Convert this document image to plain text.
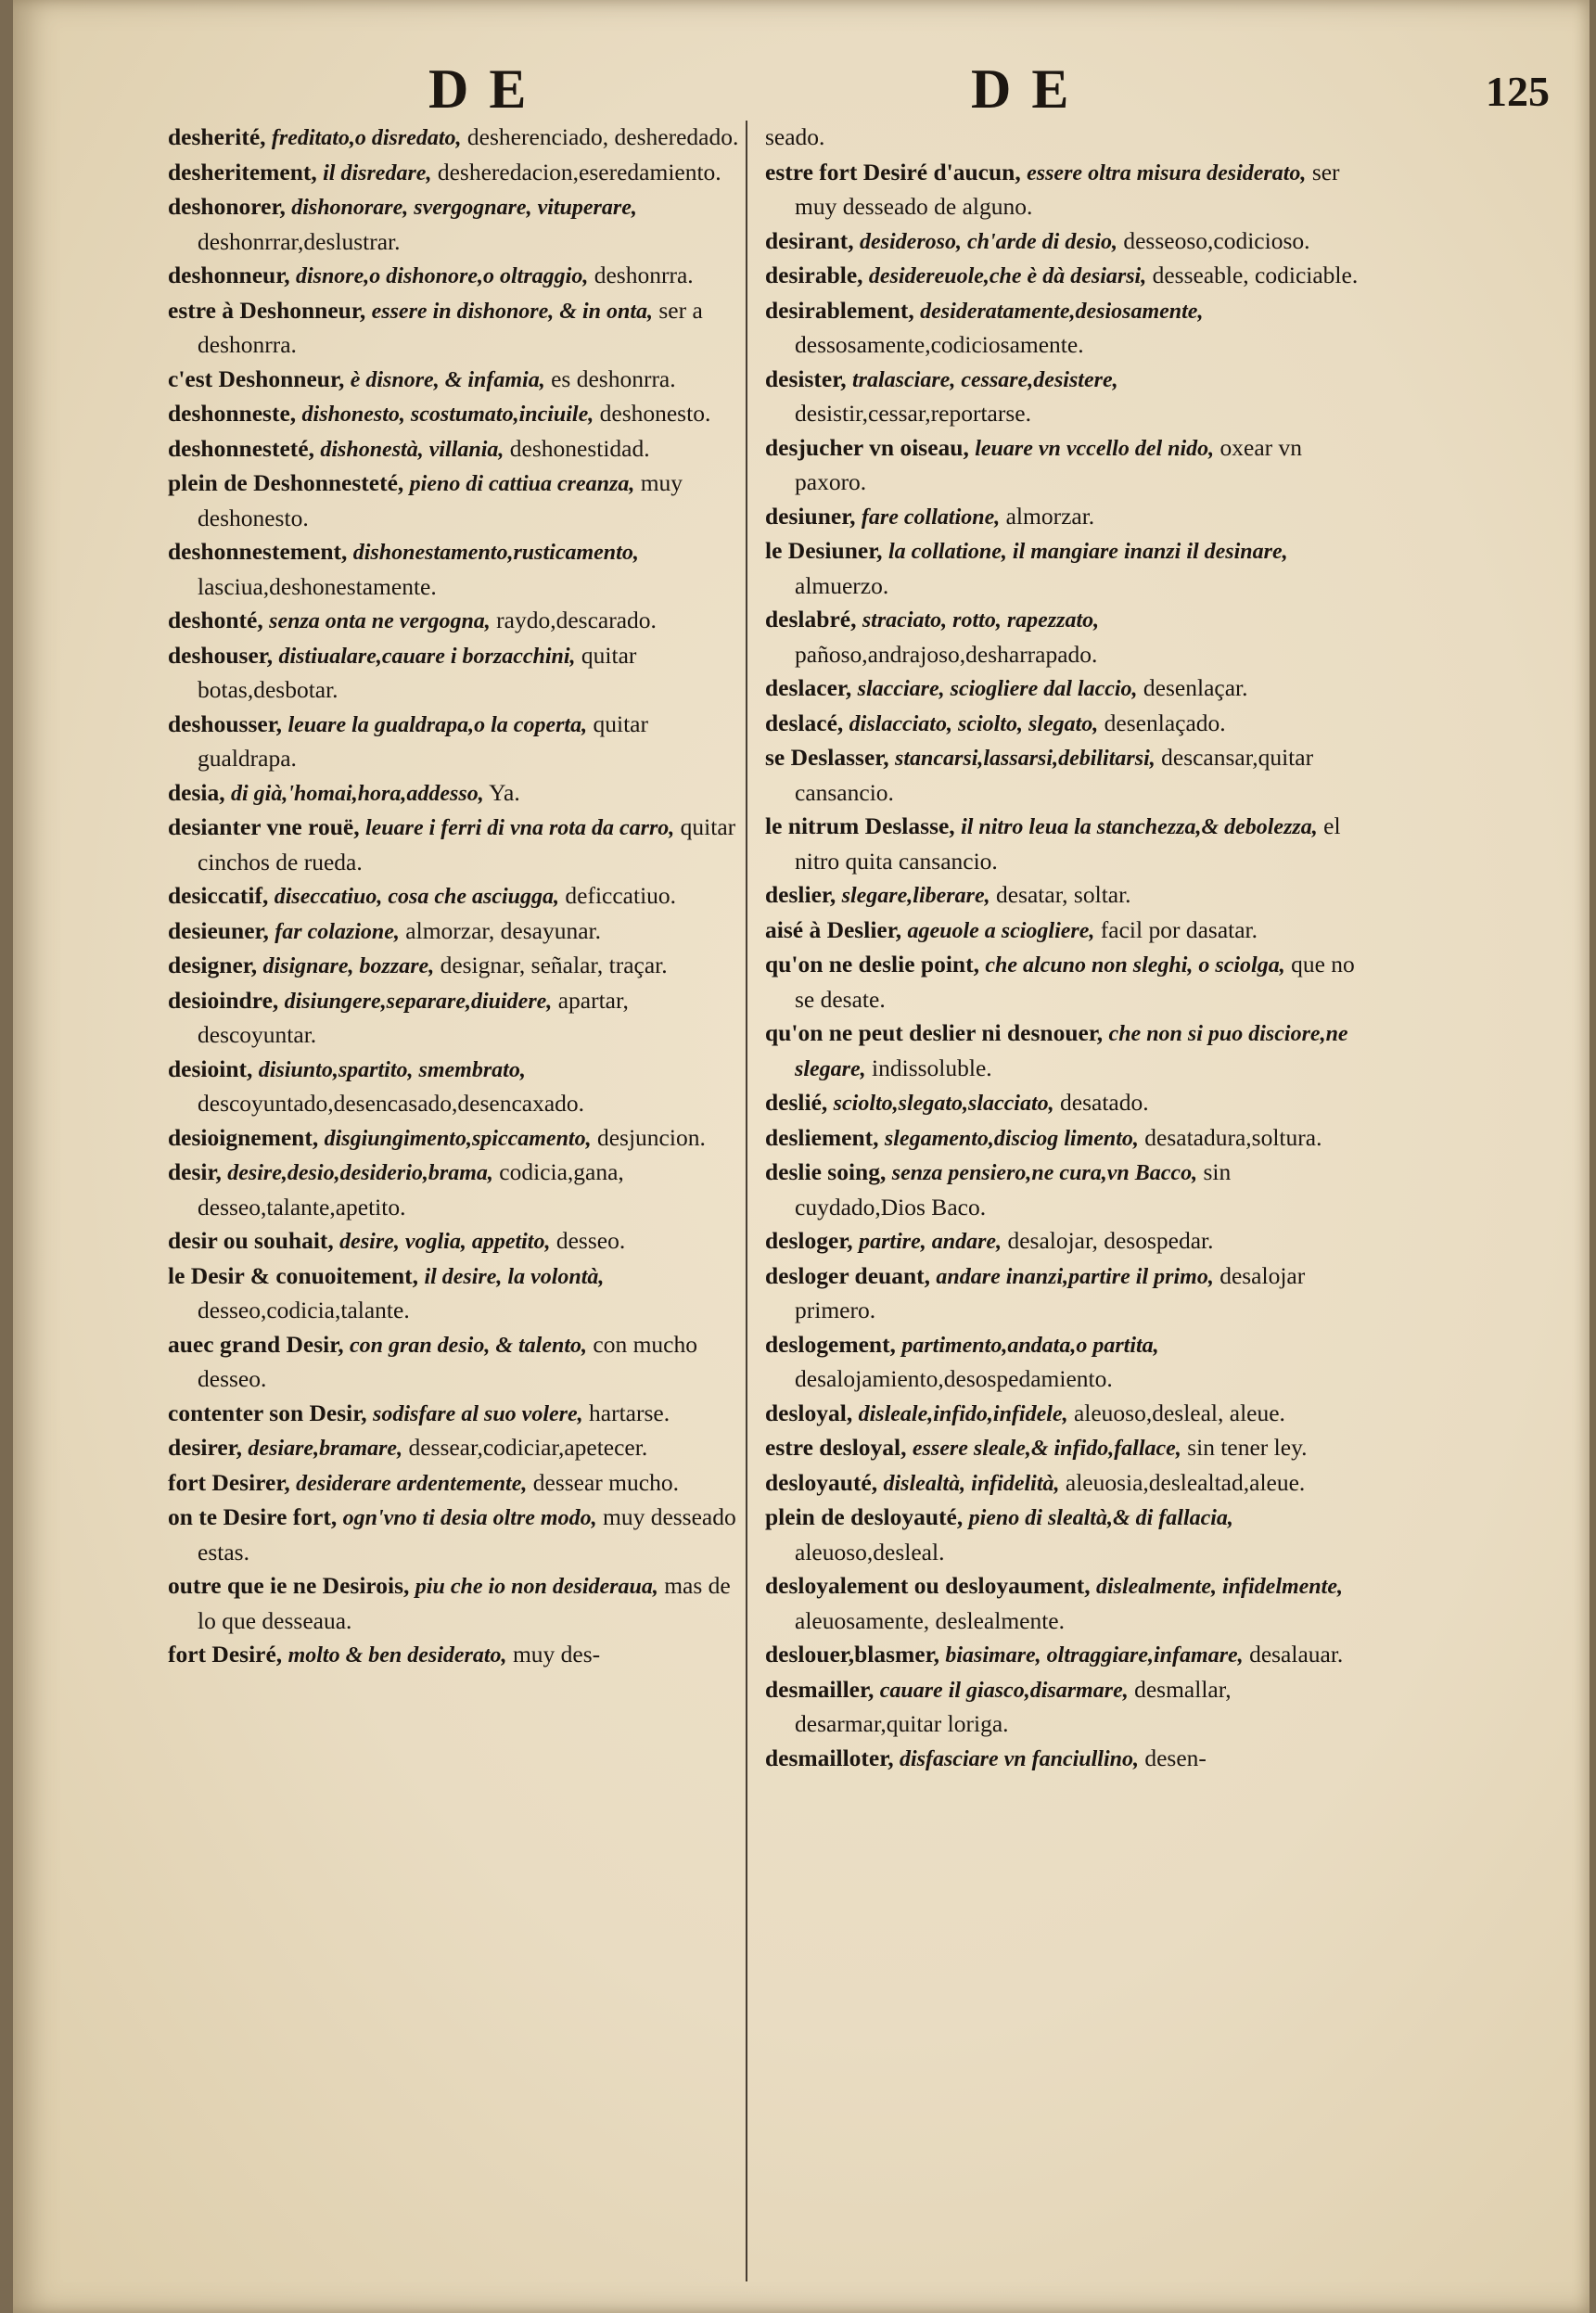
DE	DE	125

desherité, freditato,o disredato, desherenciado, desheredado.

desheritement, il disredare, desheredacion,eseredamiento.

deshonorer, dishonorare, svergognare, vituperare, deshonrrar,deslustrar.

deshonneur, disnore,o dishonore,o oltraggio, deshonrra.

estre à Deshonneur, essere in dishonore, & in onta, ser a deshonrra.

c'est Deshonneur, è disnore, & infamia, es deshonrra.

deshonneste, dishonesto, scostumato,inciuile, deshonesto.

deshonnesteté, dishonestà, villania, deshonestidad.

plein de Deshonnesteté, pieno di cattiua creanza, muy deshonesto.

deshonnestement, dishonestamento,rusticamento, lasciua,deshonestamente.

deshonté, senza onta ne vergogna, raydo,descarado.

deshouser, distiualare,cauare i borzacchini, quitar botas,desbotar.

deshousser, leuare la gualdrapa,o la coperta, quitar gualdrapa.

desia, di già,'homai,hora,addesso, Ya.

desianter vne rouë, leuare i ferri di vna rota da carro, quitar cinchos de rueda.

desiccatif, diseccatiuo, cosa che asciugga, deficcatiuo.

desieuner, far colazione, almorzar, desayunar.

designer, disignare, bozzare, designar, señalar, traçar.

desioindre, disiungere,separare,diuidere, apartar, descoyuntar.

desioint, disiunto,spartito, smembrato, descoyuntado,desencasado,desencaxado.

desioignement, disgiungimento,spiccamento, desjuncion.

desir, desire,desio,desiderio,brama, codicia,gana, desseo,talante,apetito.

desir ou souhait, desire, voglia, appetito, desseo.

le Desir & conuoitement, il desire, la volontà, desseo,codicia,talante.

auec grand Desir, con gran desio, & talento, con mucho desseo.

contenter son Desir, sodisfare al suo volere, hartarse.

desirer, desiare,bramare, dessear,codiciar,apetecer.

fort Desirer, desiderare ardentemente, dessear mucho.

on te Desire fort, ogn'vno ti desia oltre modo, muy desseado estas.

outre que ie ne Desirois, piu che io non desideraua, mas de lo que desseaua.

fort Desiré, molto & ben desiderato, muy des-

seado.

estre fort Desiré d'aucun, essere oltra misura desiderato, ser muy desseado de alguno.

desirant, desideroso, ch'arde di desio, desseoso,codicioso.

desirable, desidereuole,che è dà desiarsi, desseable, codiciable.

desirablement, desideratamente,desiosamente, dessosamente,codiciosamente.

desister, tralasciare, cessare,desistere, desistir,cessar,reportarse.

desjucher vn oiseau, leuare vn vccello del nido, oxear vn paxoro.

desiuner, fare collatione, almorzar.

le Desiuner, la collatione, il mangiare inanzi il desinare, almuerzo.

deslabré, straciato, rotto, rapezzato, pañoso,andrajoso,desharrapado.

deslacer, slacciare, sciogliere dal laccio, desenlaçar.

deslacé, dislacciato, sciolto, slegato, desenlaçado.

se Deslasser, stancarsi,lassarsi,debilitarsi, descansar,quitar cansancio.

le nitrum Deslasse, il nitro leua la stanchezza,& debolezza, el nitro quita cansancio.

deslier, slegare,liberare, desatar, soltar.

aisé à Deslier, ageuole a sciogliere, facil por dasatar.

qu'on ne deslie point, che alcuno non sleghi, o sciolga, que no se desate.

qu'on ne peut deslier ni desnouer, che non si puo disciore,ne slegare, indissoluble.

deslié, sciolto,slegato,slacciato, desatado.

desliement, slegamento,disciog limento, desatadura,soltura.

deslie soing, senza pensiero,ne cura,vn Bacco, sin cuydado,Dios Baco.

desloger, partire, andare, desalojar, desospedar.

desloger deuant, andare inanzi,partire il primo, desalojar primero.

deslogement, partimento,andata,o partita, desalojamiento,desospedamiento.

desloyal, disleale,infido,infidele, aleuoso,desleal, aleue.

estre desloyal, essere sleale,& infido,fallace, sin tener ley.

desloyauté, dislealtà, infidelità, aleuosia,deslealtad,aleue.

plein de desloyauté, pieno di slealtà,& di fallacia, aleuoso,desleal.

desloyalement ou desloyaument, dislealmente, infidelmente, aleuosamente, deslealmente.

deslouer,blasmer, biasimare, oltraggiare,infamare, desalauar.

desmailler, cauare il giasco,disarmare, desmallar, desarmar,quitar loriga.

desmailloter, disfasciare vn fanciullino, desen-
